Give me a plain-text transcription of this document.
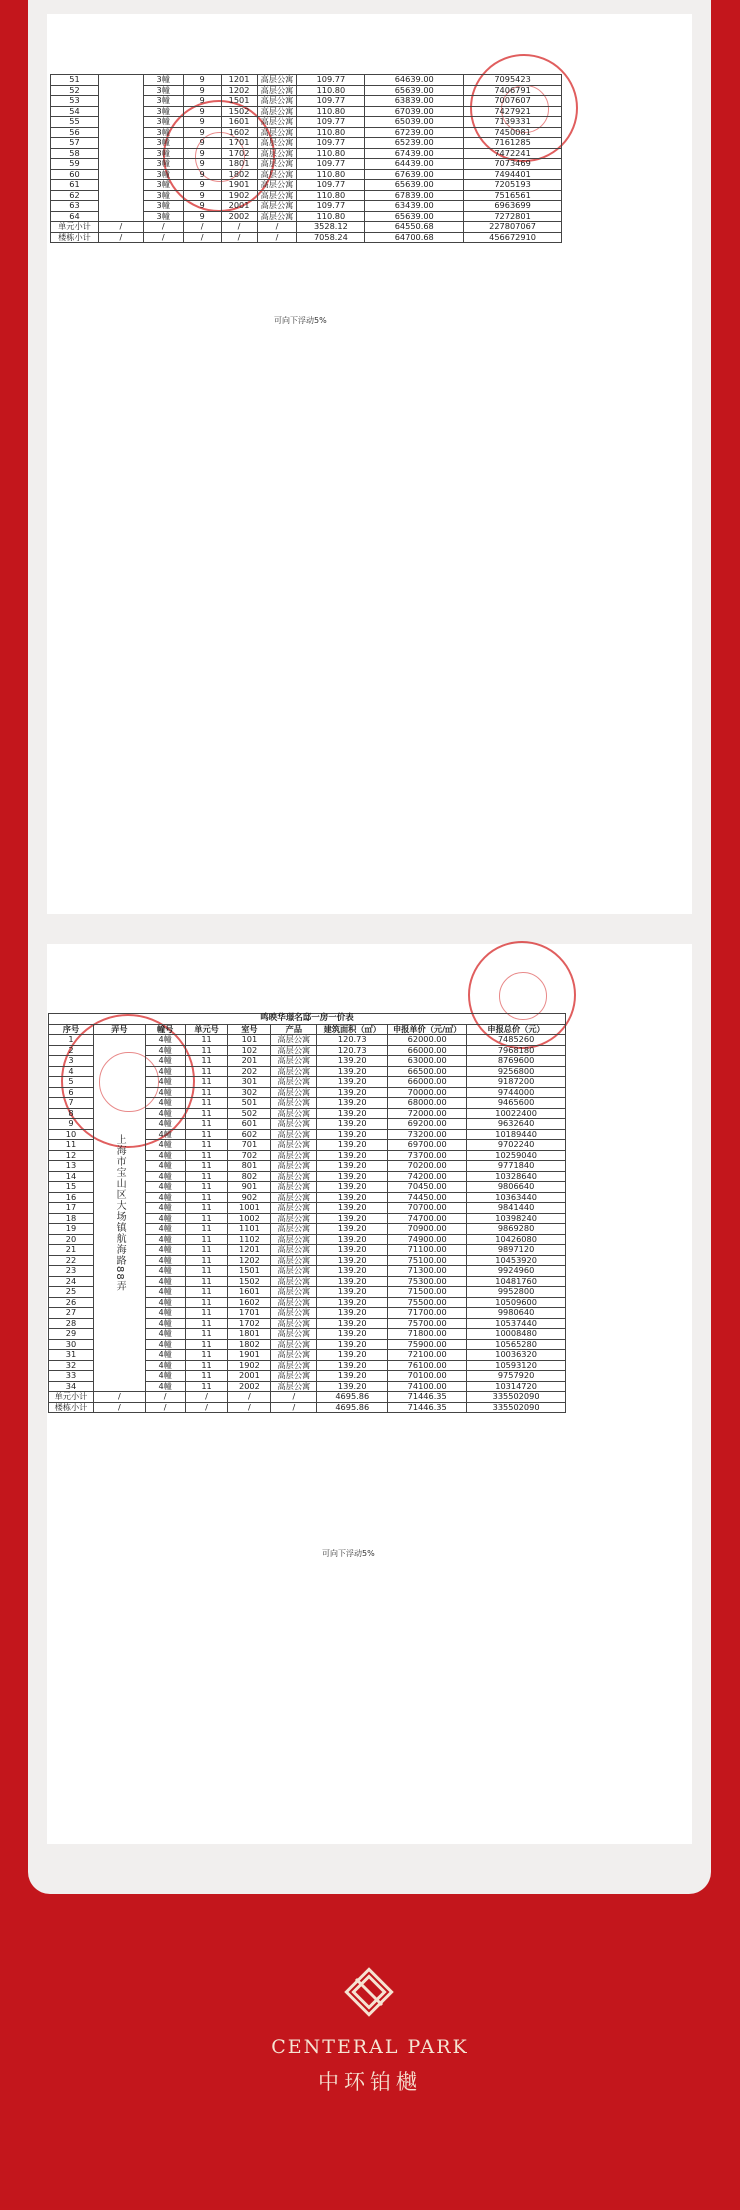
51		3幢	9	1201	高层公寓	109.77	64639.00	7095423
52		3幢	9	1202	高层公寓	110.80	65639.00	7406791
53		3幢	9	1501	高层公寓	109.77	63839.00	7007607
54		3幢	9	1502	高层公寓	110.80	67039.00	7427921
55		3幢	9	1601	高层公寓	109.77	65039.00	7139331
56		3幢	9	1602	高层公寓	110.80	67239.00	7450081
57		3幢	9	1701	高层公寓	109.77	65239.00	7161285
58		3幢	9	1702	高层公寓	110.80	67439.00	7472241
59		3幢	9	1801	高层公寓	109.77	64439.00	7073469
60		3幢	9	1802	高层公寓	110.80	67639.00	7494401
61		3幢	9	1901	高层公寓	109.77	65639.00	7205193
62		3幢	9	1902	高层公寓	110.80	67839.00	7516561
63		3幢	9	2001	高层公寓	109.77	63439.00	6963699
64		3幢	9	2002	高层公寓	110.80	65639.00	7272801
单元小计	/	/	/	/	/	3528.12	64550.68	227807067
楼栋小计	/	/	/	/	/	7058.24	64700.68	456672910
可向下浮动5%
鸣映华璟名邸一房一价表								
序号	弄号	幢号	单元号	室号	产品	建筑面积（㎡）	申报单价（元/㎡）	申报总价（元）
1	上海市宝山区大场镇航海路88弄	4幢	11	101	高层公寓	120.73	62000.00	7485260
2		4幢	11	102	高层公寓	120.73	66000.00	7968180
3		4幢	11	201	高层公寓	139.20	63000.00	8769600
4		4幢	11	202	高层公寓	139.20	66500.00	9256800
5		4幢	11	301	高层公寓	139.20	66000.00	9187200
6		4幢	11	302	高层公寓	139.20	70000.00	9744000
7		4幢	11	501	高层公寓	139.20	68000.00	9465600
8		4幢	11	502	高层公寓	139.20	72000.00	10022400
9		4幢	11	601	高层公寓	139.20	69200.00	9632640
10		4幢	11	602	高层公寓	139.20	73200.00	10189440
11		4幢	11	701	高层公寓	139.20	69700.00	9702240
12		4幢	11	702	高层公寓	139.20	73700.00	10259040
13		4幢	11	801	高层公寓	139.20	70200.00	9771840
14		4幢	11	802	高层公寓	139.20	74200.00	10328640
15		4幢	11	901	高层公寓	139.20	70450.00	9806640
16		4幢	11	902	高层公寓	139.20	74450.00	10363440
17		4幢	11	1001	高层公寓	139.20	70700.00	9841440
18		4幢	11	1002	高层公寓	139.20	74700.00	10398240
19		4幢	11	1101	高层公寓	139.20	70900.00	9869280
20		4幢	11	1102	高层公寓	139.20	74900.00	10426080
21		4幢	11	1201	高层公寓	139.20	71100.00	9897120
22		4幢	11	1202	高层公寓	139.20	75100.00	10453920
23		4幢	11	1501	高层公寓	139.20	71300.00	9924960
24		4幢	11	1502	高层公寓	139.20	75300.00	10481760
25		4幢	11	1601	高层公寓	139.20	71500.00	9952800
26		4幢	11	1602	高层公寓	139.20	75500.00	10509600
27		4幢	11	1701	高层公寓	139.20	71700.00	9980640
28		4幢	11	1702	高层公寓	139.20	75700.00	10537440
29		4幢	11	1801	高层公寓	139.20	71800.00	10008480
30		4幢	11	1802	高层公寓	139.20	75900.00	10565280
31		4幢	11	1901	高层公寓	139.20	72100.00	10036320
32		4幢	11	1902	高层公寓	139.20	76100.00	10593120
33		4幢	11	2001	高层公寓	139.20	70100.00	9757920
34		4幢	11	2002	高层公寓	139.20	74100.00	10314720
单元小计	/	/	/	/	/	4695.86	71446.35	335502090
楼栋小计	/	/	/	/	/	4695.86	71446.35	335502090
可向下浮动5%
CENTERAL PARK
中环铂樾
